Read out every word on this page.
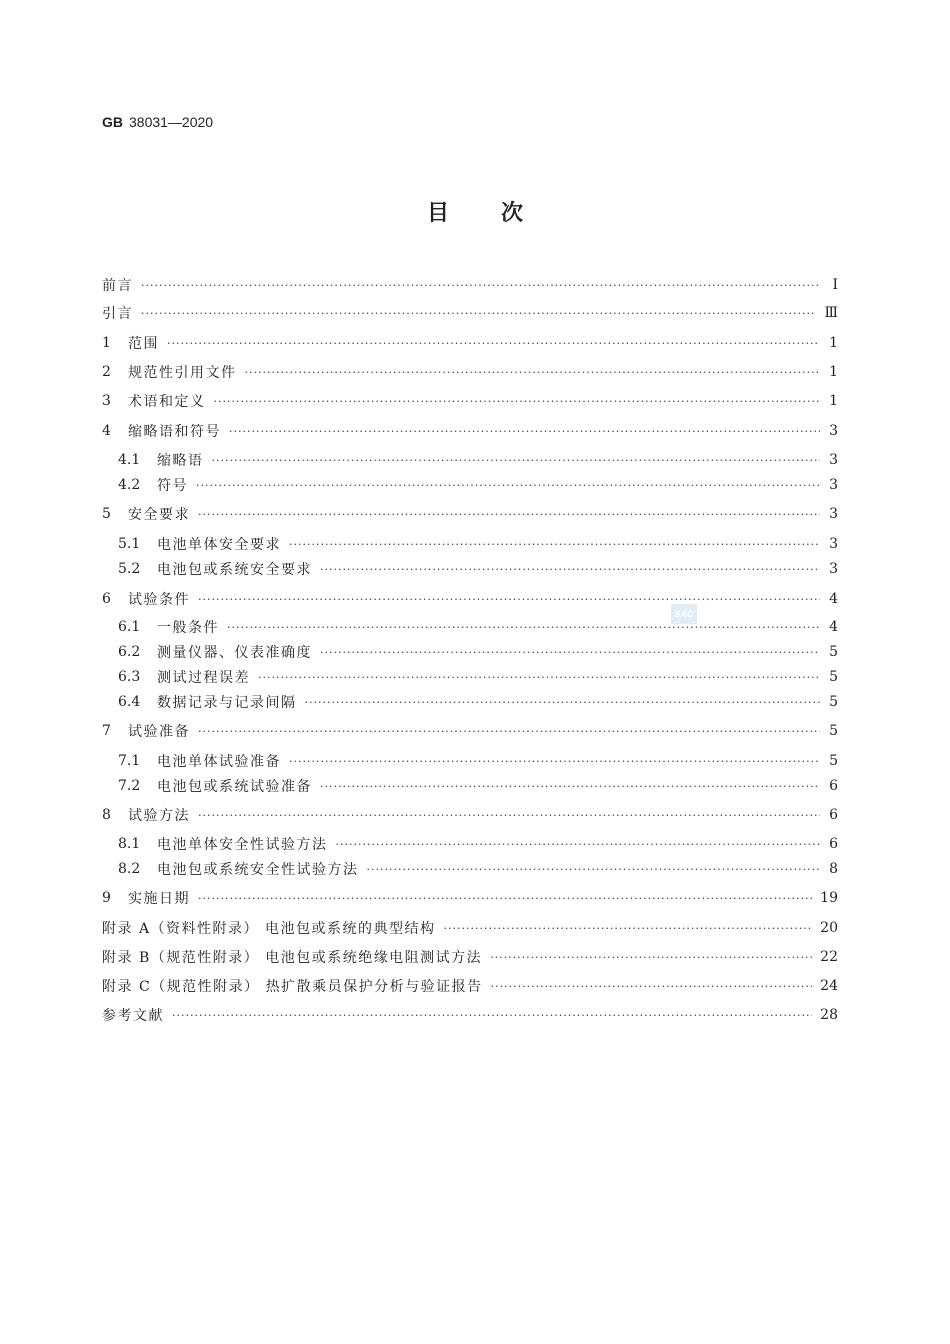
GB 38031—2020
目次
SAC
前言 ·····	Ⅰ
引言 ·····	Ⅲ
1	范围 ·····	1
2	规范性引用文件 ·····	1
3	术语和定义 ·····	1
4	缩略语和符号 ·····	3
4.1	缩略语 ·····	3
4.2	符号 ·····	3
5	安全要求 ·····	3
5.1	电池单体安全要求 ·····	3
5.2	电池包或系统安全要求 ·····	3
6	试验条件 ·····	4
6.1	一般条件 ·····	4
6.2	测量仪器、仪表准确度 ·····	5
6.3	测试过程误差 ·····	5
6.4	数据记录与记录间隔 ·····	5
7	试验准备 ·····	5
7.1	电池单体试验准备 ·····	5
7.2	电池包或系统试验准备 ·····	6
8	试验方法 ·····	6
8.1	电池单体安全性试验方法 ·····	6
8.2	电池包或系统安全性试验方法 ·····	8
9	实施日期 ·····	19
附录 A（资料性附录） 电池包或系统的典型结构 ·····	20
附录 B（规范性附录） 电池包或系统绝缘电阻测试方法 ·····	22
附录 C（规范性附录） 热扩散乘员保护分析与验证报告 ·····	24
参考文献 ·····	28
